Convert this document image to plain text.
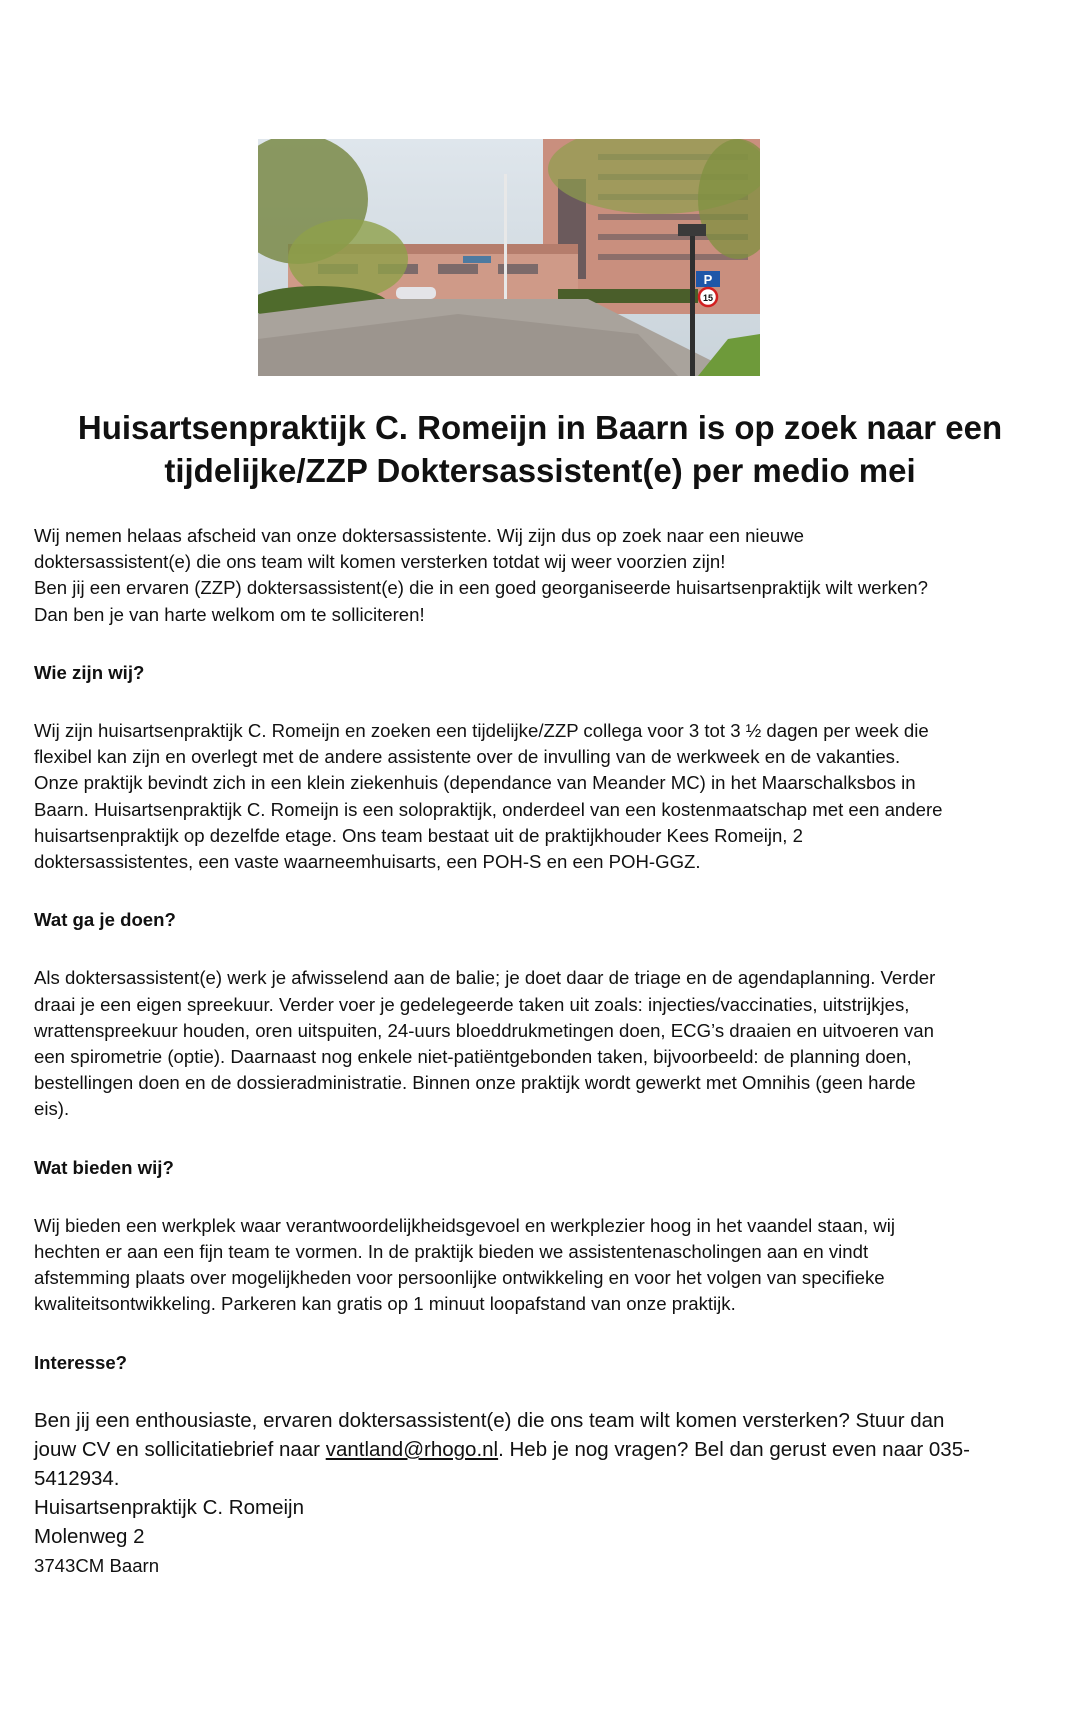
P
15
Huisartsenpraktijk C. Romeijn in Baarn is op zoek naar een
tijdelijke/ZZP Doktersassistent(e) per medio mei

Wij nemen helaas afscheid van onze doktersassistente. Wij zijn dus op zoek naar een nieuwe

doktersassistent(e) die ons team wilt komen versterken totdat wij weer voorzien zijn!

Ben jij een ervaren (ZZP) doktersassistent(e) die in een goed georganiseerde huisartsenpraktijk wilt werken?

Dan ben je van harte welkom om te solliciteren!

Wie zijn wij?

Wij zijn huisartsenpraktijk C. Romeijn en zoeken een tijdelijke/ZZP collega voor 3 tot 3 ½ dagen per week die

flexibel kan zijn en overlegt met de andere assistente over de invulling van de werkweek en de vakanties.

Onze praktijk bevindt zich in een klein ziekenhuis (dependance van Meander MC) in het Maarschalksbos in

Baarn. Huisartsenpraktijk C. Romeijn is een solopraktijk, onderdeel van een kostenmaatschap met een andere

huisartsenpraktijk op dezelfde etage. Ons team bestaat uit de praktijkhouder Kees Romeijn, 2

doktersassistentes, een vaste waarneemhuisarts, een POH-S en een POH-GGZ.

Wat ga je doen?

Als doktersassistent(e) werk je afwisselend aan de balie; je doet daar de triage en de agendaplanning. Verder

draai je een eigen spreekuur. Verder voer je gedelegeerde taken uit zoals: injecties/vaccinaties, uitstrijkjes,

wrattenspreekuur houden, oren uitspuiten, 24-uurs bloeddrukmetingen doen, ECG’s draaien en uitvoeren van

een spirometrie (optie). Daarnaast nog enkele niet-patiëntgebonden taken, bijvoorbeeld: de planning doen,

bestellingen doen en de dossieradministratie. Binnen onze praktijk wordt gewerkt met Omnihis (geen harde

eis).

Wat bieden wij?

Wij bieden een werkplek waar verantwoordelijkheidsgevoel en werkplezier hoog in het vaandel staan, wij

hechten er aan een fijn team te vormen. In de praktijk bieden we assistentenascholingen aan en vindt

afstemming plaats over mogelijkheden voor persoonlijke ontwikkeling en voor het volgen van specifieke

kwaliteitsontwikkeling. Parkeren kan gratis op 1 minuut loopafstand van onze praktijk.

Interesse?

Ben jij een enthousiaste, ervaren doktersassistent(e) die ons team wilt komen versterken? Stuur dan

jouw CV en sollicitatiebrief naar vantland@rhogo.nl. Heb je nog vragen? Bel dan gerust even naar 035-

5412934.

Huisartsenpraktijk C. Romeijn

Molenweg 2

3743CM Baarn
